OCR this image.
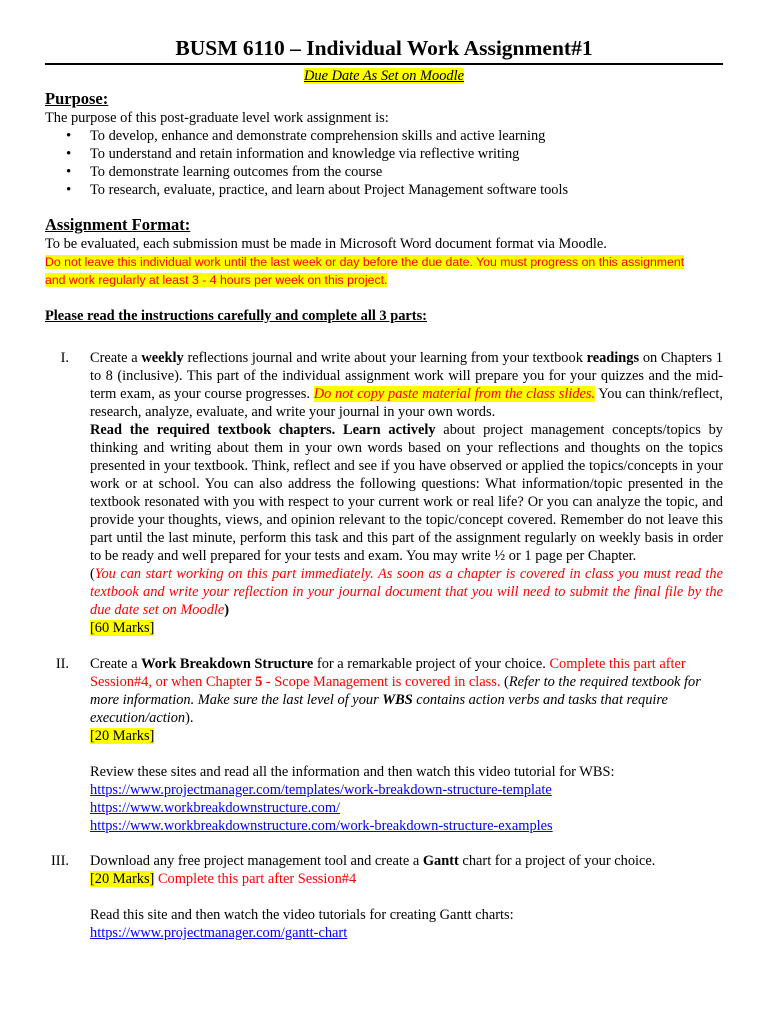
BUSM 6110 – Individual Work Assignment#1
Due Date As Set on Moodle
Purpose:
The purpose of this post-graduate level work assignment is:
• To develop, enhance and demonstrate comprehension skills and active learning
• To understand and retain information and knowledge via reflective writing
• To demonstrate learning outcomes from the course
• To research, evaluate, practice, and learn about Project Management software tools
Assignment Format:
To be evaluated, each submission must be made in Microsoft Word document format via Moodle.
Do not leave this individual work until the last week or day before the due date. You must progress on this assignment
and work regularly at least 3 - 4 hours per week on this project.
Please read the instructions carefully and complete all 3 parts:
I. Create a weekly reflections journal and write about your learning from your textbook readings on Chapters 1 to 8 (inclusive). This part of the individual assignment work will prepare you for your quizzes and the mid-term exam, as your course progresses. Do not copy paste material from the class slides. You can think/reflect, research, analyze, evaluate, and write your journal in your own words.
Read the required textbook chapters. Learn actively about project management concepts/topics by thinking and writing about them in your own words based on your reflections and thoughts on the topics presented in your textbook. Think, reflect and see if you have observed or applied the topics/concepts in your work or at school. You can also address the following questions: What information/topic presented in the textbook resonated with you with respect to your current work or real life? Or you can analyze the topic, and provide your thoughts, views, and opinion relevant to the topic/concept covered. Remember do not leave this part until the last minute, perform this task and this part of the assignment regularly on weekly basis in order to be ready and well prepared for your tests and exam. You may write ½ or 1 page per Chapter.
(You can start working on this part immediately. As soon as a chapter is covered in class you must read the textbook and write your reflection in your journal document that you will need to submit the final file by the due date set on Moodle)
[60 Marks]
II. Create a Work Breakdown Structure for a remarkable project of your choice. Complete this part after Session#4, or when Chapter 5 - Scope Management is covered in class. (Refer to the required textbook for more information. Make sure the last level of your WBS contains action verbs and tasks that require execution/action).
[20 Marks]
Review these sites and read all the information and then watch this video tutorial for WBS:
https://www.projectmanager.com/templates/work-breakdown-structure-template
https://www.workbreakdownstructure.com/
https://www.workbreakdownstructure.com/work-breakdown-structure-examples
III. Download any free project management tool and create a Gantt chart for a project of your choice.
[20 Marks] Complete this part after Session#4
Read this site and then watch the video tutorials for creating Gantt charts:
https://www.projectmanager.com/gantt-chart
